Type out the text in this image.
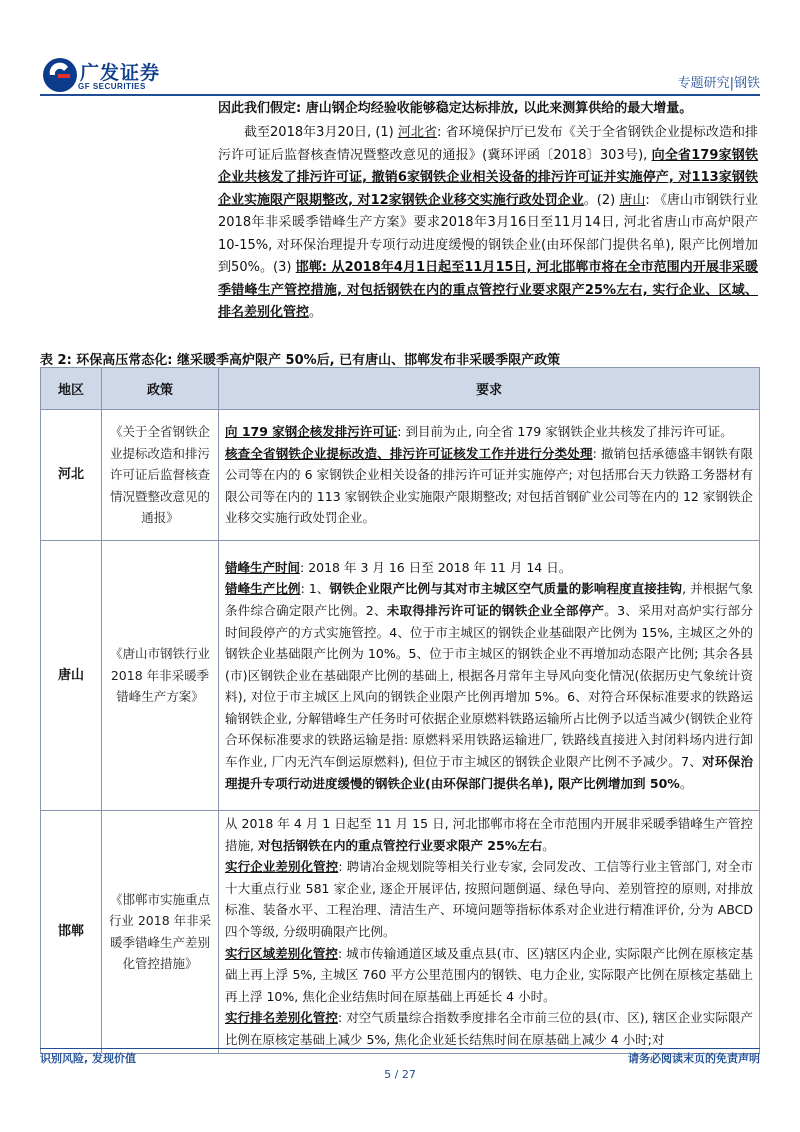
广发证券
GF SECURITIES	专题研究|钢铁
因此我们假定: 唐山钢企均经验收能够稳定达标排放, 以此来测算供给的最大增量。
截至2018年3月20日, (1) 河北省: 省环境保护厅已发布《关于全省钢铁企业提标改造和排污许可证后监督核查情况暨整改意见的通报》(冀环评函〔2018〕303号), 向全省179家钢铁企业共核发了排污许可证, 撤销6家钢铁企业相关设备的排污许可证并实施停产, 对113家钢铁企业实施限产限期整改, 对12家钢铁企业移交实施行政处罚企业。(2) 唐山: 《唐山市钢铁行业2018年非采暖季错峰生产方案》要求2018年3月16日至11月14日, 河北省唐山市高炉限产10-15%, 对环保治理提升专项行动进度缓慢的钢铁企业(由环保部门提供名单), 限产比例增加到50%。(3) 邯郸: 从2018年4月1日起至11月15日, 河北邯郸市将在全市范围内开展非采暖季错峰生产管控措施, 对包括钢铁在内的重点管控行业要求限产25%左右, 实行企业、区域、排名差别化管控。
表 2: 环保高压常态化: 继采暖季高炉限产 50%后, 已有唐山、邯郸发布非采暖季限产政策
地区	政策	要求
河北	《关于全省钢铁企业提标改造和排污许可证后监督核查情况暨整改意见的通报》	向 179 家钢企核发排污许可证: 到目前为止, 向全省 179 家钢铁企业共核发了排污许可证。
核查全省钢铁企业提标改造、排污许可证核发工作并进行分类处理: 撤销包括承德盛丰钢铁有限公司等在内的 6 家钢铁企业相关设备的排污许可证并实施停产; 对包括邢台天力铁路工务器材有限公司等在内的 113 家钢铁企业实施限产限期整改; 对包括首钢矿业公司等在内的 12 家钢铁企业移交实施行政处罚企业。

唐山	《唐山市钢铁行业 2018 年非采暖季错峰生产方案》	错峰生产时间: 2018 年 3 月 16 日至 2018 年 11 月 14 日。
错峰生产比例: 1、钢铁企业限产比例与其对市主城区空气质量的影响程度直接挂钩, 并根据气象条件综合确定限产比例。2、未取得排污许可证的钢铁企业全部停产。3、采用对高炉实行部分时间段停产的方式实施管控。4、位于市主城区的钢铁企业基础限产比例为 15%, 主城区之外的钢铁企业基础限产比例为 10%。5、位于市主城区的钢铁企业不再增加动态限产比例; 其余各县(市)区钢铁企业在基础限产比例的基础上, 根据各月常年主导风向变化情况(依据历史气象统计资料), 对位于市主城区上风向的钢铁企业限产比例再增加 5%。6、对符合环保标准要求的铁路运输钢铁企业, 分解错峰生产任务时可依据企业原燃料铁路运输所占比例予以适当减少(钢铁企业符合环保标准要求的铁路运输是指: 原燃料采用铁路运输进厂, 铁路线直接进入封闭料场内进行卸车作业, 厂内无汽车倒运原燃料), 但位于市主城区的钢铁企业限产比例不予减少。7、对环保治理提升专项行动进度缓慢的钢铁企业(由环保部门提供名单), 限产比例增加到 50%。

邯郸	《邯郸市实施重点行业 2018 年非采暖季错峰生产差别化管控措施》	从 2018 年 4 月 1 日起至 11 月 15 日, 河北邯郸市将在全市范围内开展非采暖季错峰生产管控措施, 对包括钢铁在内的重点管控行业要求限产 25%左右。
实行企业差别化管控: 聘请冶金规划院等相关行业专家, 会同发改、工信等行业主管部门, 对全市十大重点行业 581 家企业, 逐企开展评估, 按照问题倒逼、绿色导向、差别管控的原则, 对排放标准、装备水平、工程治理、清洁生产、环境问题等指标体系对企业进行精准评价, 分为 ABCD 四个等级, 分级明确限产比例。
实行区域差别化管控: 城市传输通道区域及重点县(市、区)辖区内企业, 实际限产比例在原核定基础上再上浮 5%, 主城区 760 平方公里范围内的钢铁、电力企业, 实际限产比例在原核定基础上再上浮 10%, 焦化企业结焦时间在原基础上再延长 4 小时。
实行排名差别化管控: 对空气质量综合指数季度排名全市前三位的县(市、区), 辖区企业实际限产比例在原核定基础上减少 5%, 焦化企业延长结焦时间在原基础上减少 4 小时;对
识别风险, 发现价值	请务必阅读末页的免责声明
5 / 27
